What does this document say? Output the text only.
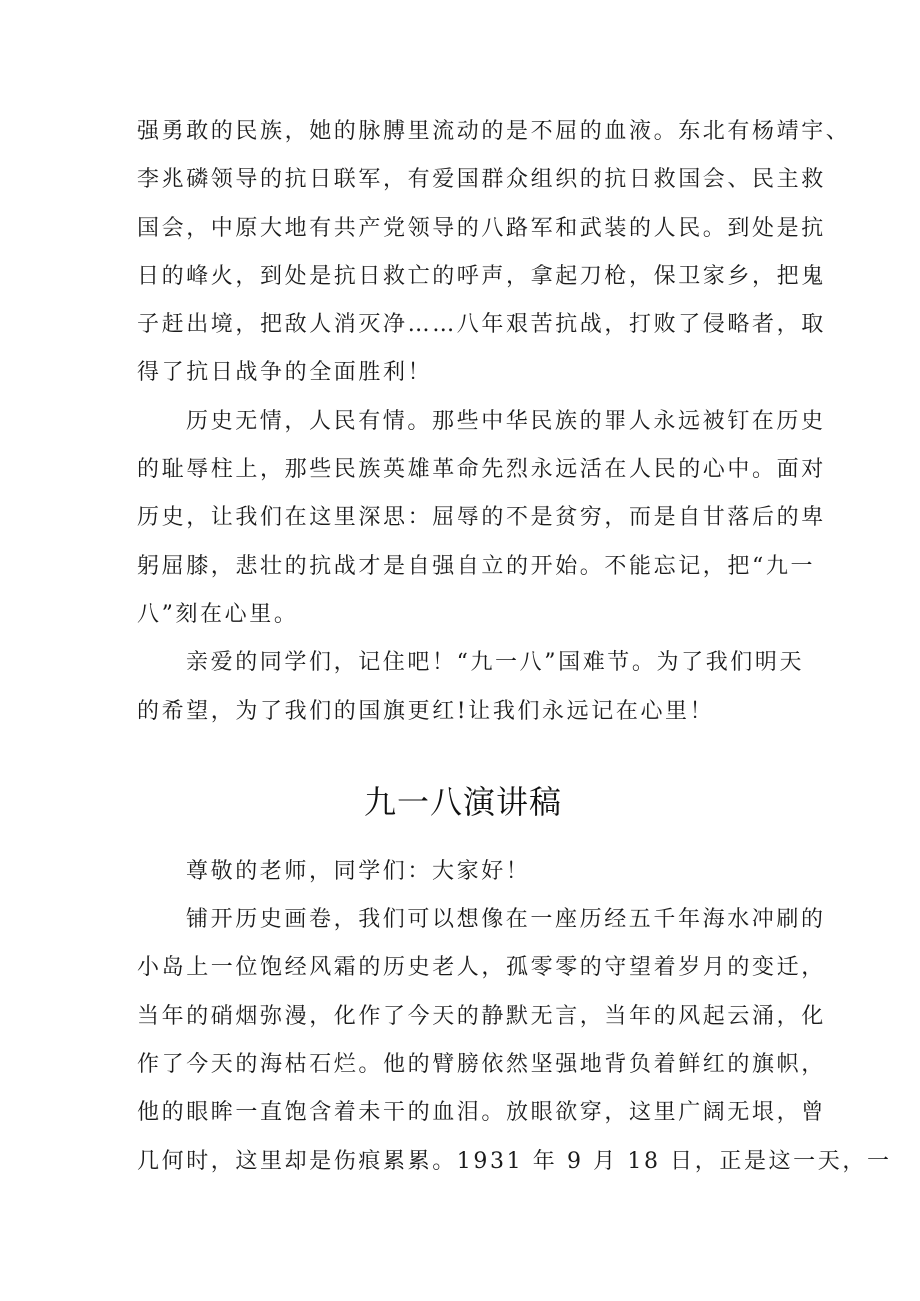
强勇敢的民族，她的脉膊里流动的是不屈的血液。东北有杨靖宇、
李兆磷领导的抗日联军，有爱国群众组织的抗日救国会、民主救
国会，中原大地有共产党领导的八路军和武装的人民。到处是抗
日的峰火，到处是抗日救亡的呼声，拿起刀枪，保卫家乡，把鬼
子赶出境，把敌人消灭净……八年艰苦抗战，打败了侵略者，取
得了抗日战争的全面胜利！
历史无情，人民有情。那些中华民族的罪人永远被钉在历史
的耻辱柱上，那些民族英雄革命先烈永远活在人民的心中。面对
历史，让我们在这里深思：屈辱的不是贫穷，而是自甘落后的卑
躬屈膝，悲壮的抗战才是自强自立的开始。不能忘记，把“九一
八”刻在心里。
亲爱的同学们，记住吧！“九一八”国难节。为了我们明天
的希望，为了我们的国旗更红!让我们永远记在心里！
九一八演讲稿
尊敬的老师，同学们：大家好！
铺开历史画卷，我们可以想像在一座历经五千年海水冲刷的
小岛上一位饱经风霜的历史老人，孤零零的守望着岁月的变迁，
当年的硝烟弥漫，化作了今天的静默无言，当年的风起云涌，化
作了今天的海枯石烂。他的臂膀依然坚强地背负着鲜红的旗帜，
他的眼眸一直饱含着未干的血泪。放眼欲穿，这里广阔无垠，曾
几何时，这里却是伤痕累累。1931 年 9 月 18 日，正是这一天，一
